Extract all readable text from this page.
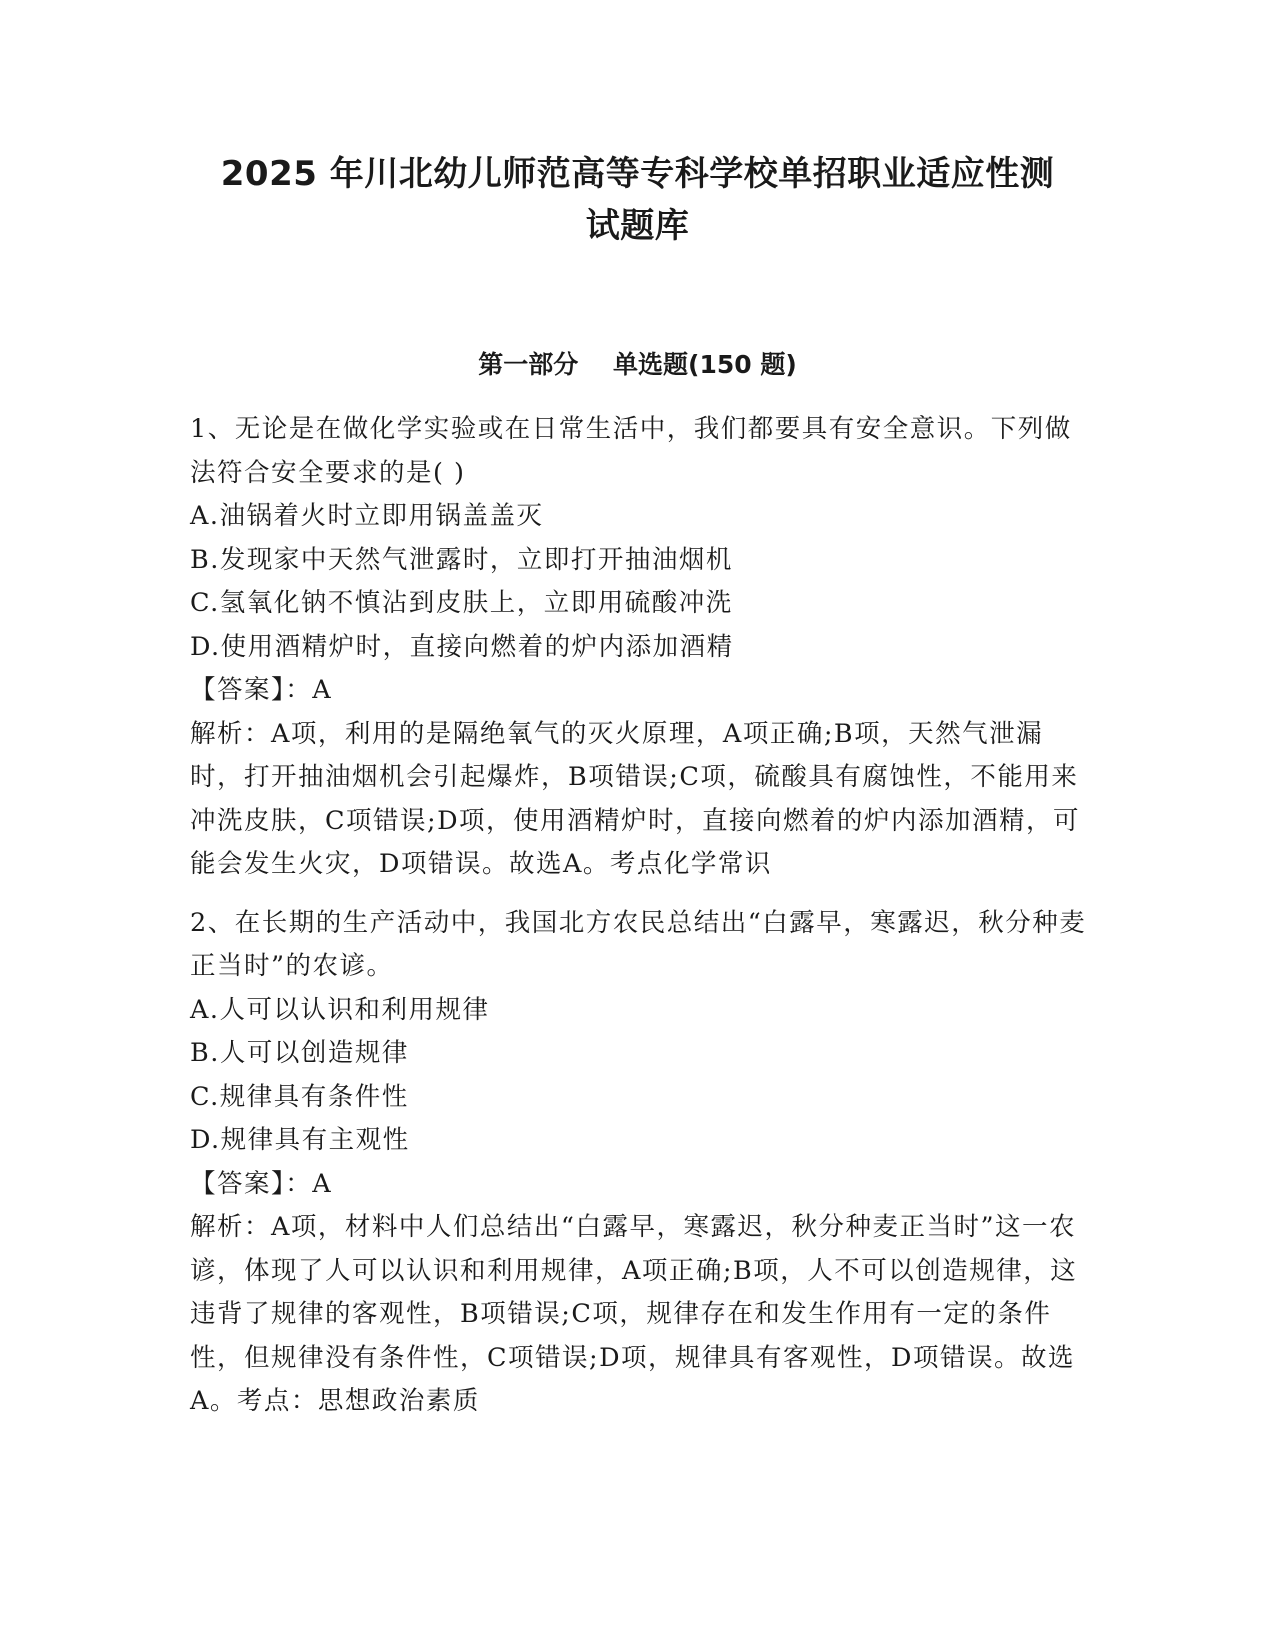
2025 年川北幼儿师范高等专科学校单招职业适应性测
试题库
第一部分    单选题(150 题)
1、无论是在做化学实验或在日常生活中，我们都要具有安全意识。下列做法符合安全要求的是( )
A.油锅着火时立即用锅盖盖灭
B.发现家中天然气泄露时，立即打开抽油烟机
C.氢氧化钠不慎沾到皮肤上，立即用硫酸冲洗
D.使用酒精炉时，直接向燃着的炉内添加酒精
【答案】：A
解析：A项，利用的是隔绝氧气的灭火原理，A项正确;B项，天然气泄漏时，打开抽油烟机会引起爆炸，B项错误;C项，硫酸具有腐蚀性，不能用来冲洗皮肤，C项错误;D项，使用酒精炉时，直接向燃着的炉内添加酒精，可能会发生火灾，D项错误。故选A。考点化学常识
2、在长期的生产活动中，我国北方农民总结出“白露早，寒露迟，秋分种麦正当时”的农谚。
A.人可以认识和利用规律
B.人可以创造规律
C.规律具有条件性
D.规律具有主观性
【答案】：A
解析：A项，材料中人们总结出“白露早，寒露迟，秋分种麦正当时”这一农谚，体现了人可以认识和利用规律，A项正确;B项，人不可以创造规律，这违背了规律的客观性，B项错误;C项，规律存在和发生作用有一定的条件性，但规律没有条件性，C项错误;D项，规律具有客观性，D项错误。故选A。考点：思想政治素质
